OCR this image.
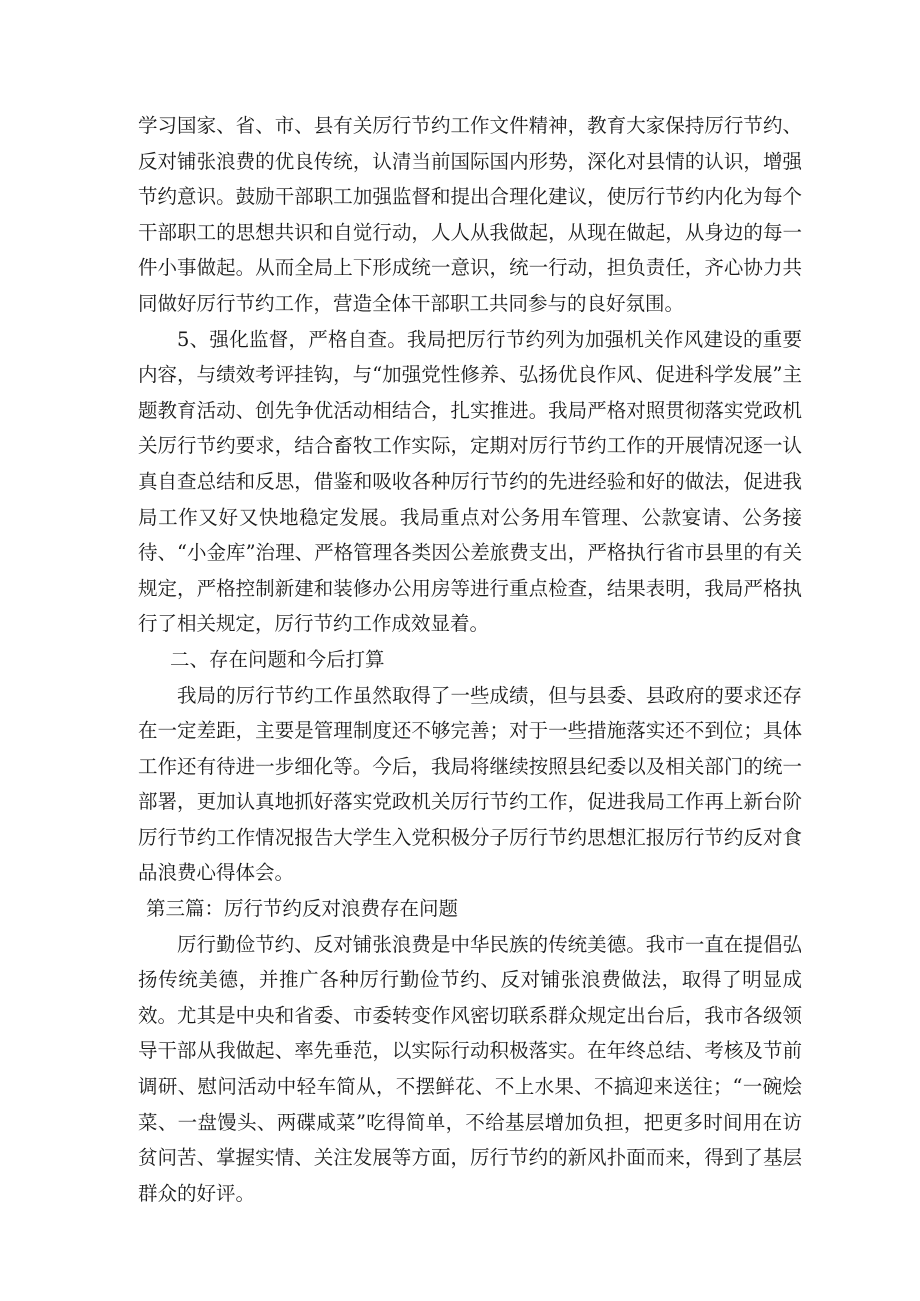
学习国家、省、市、县有关厉行节约工作文件精神，教育大家保持厉行节约、反对铺张浪费的优良传统，认清当前国际国内形势，深化对县情的认识，增强节约意识。鼓励干部职工加强监督和提出合理化建议，使厉行节约内化为每个干部职工的思想共识和自觉行动，人人从我做起，从现在做起，从身边的每一件小事做起。从而全局上下形成统一意识，统一行动，担负责任，齐心协力共同做好厉行节约工作，营造全体干部职工共同参与的良好氛围。

5、强化监督，严格自查。我局把厉行节约列为加强机关作风建设的重要内容，与绩效考评挂钩，与“加强党性修养、弘扬优良作风、促进科学发展”主题教育活动、创先争优活动相结合，扎实推进。我局严格对照贯彻落实党政机关厉行节约要求，结合畜牧工作实际，定期对厉行节约工作的开展情况逐一认真自查总结和反思，借鉴和吸收各种厉行节约的先进经验和好的做法，促进我局工作又好又快地稳定发展。我局重点对公务用车管理、公款宴请、公务接待、“小金库”治理、严格管理各类因公差旅费支出，严格执行省市县里的有关规定，严格控制新建和装修办公用房等进行重点检查，结果表明，我局严格执行了相关规定，厉行节约工作成效显着。

二、存在问题和今后打算

我局的厉行节约工作虽然取得了一些成绩，但与县委、县政府的要求还存在一定差距，主要是管理制度还不够完善；对于一些措施落实还不到位；具体工作还有待进一步细化等。今后，我局将继续按照县纪委以及相关部门的统一部署，更加认真地抓好落实党政机关厉行节约工作，促进我局工作再上新台阶厉行节约工作情况报告大学生入党积极分子厉行节约思想汇报厉行节约反对食品浪费心得体会。

第三篇：厉行节约反对浪费存在问题

厉行勤俭节约、反对铺张浪费是中华民族的传统美德。我市一直在提倡弘扬传统美德，并推广各种厉行勤俭节约、反对铺张浪费做法，取得了明显成效。尤其是中央和省委、市委转变作风密切联系群众规定出台后，我市各级领导干部从我做起、率先垂范，以实际行动积极落实。在年终总结、考核及节前调研、慰问活动中轻车简从，不摆鲜花、不上水果、不搞迎来送往；“一碗烩菜、一盘馒头、两碟咸菜”吃得简单，不给基层增加负担，把更多时间用在访贫问苦、掌握实情、关注发展等方面，厉行节约的新风扑面而来，得到了基层群众的好评。
